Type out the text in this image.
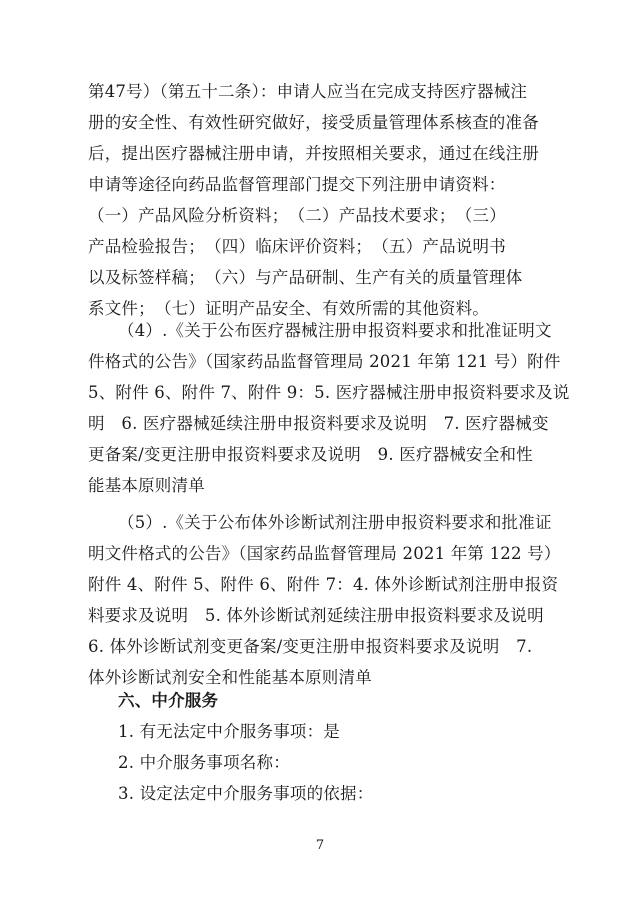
第47号）（第五十二条）：申请人应当在完成支持医疗器械注
册的安全性、有效性研究做好，接受质量管理体系核查的准备
后，提出医疗器械注册申请，并按照相关要求，通过在线注册
申请等途径向药品监督管理部门提交下列注册申请资料：
（一）产品风险分析资料；　（二）产品技术要求；　（三）
产品检验报告；　（四）临床评价资料；　（五）产品说明书
以及标签样稿；　（六）与产品研制、生产有关的质量管理体
系文件；　（七）证明产品安全、有效所需的其他资料。
（4）.《关于公布医疗器械注册申报资料要求和批准证明文
件格式的公告》（国家药品监督管理局 2021 年第 121 号）附件
5、附件 6、附件 7、附件 9：5. 医疗器械注册申报资料要求及说
明　6. 医疗器械延续注册申报资料要求及说明　7. 医疗器械变
更备案/变更注册申报资料要求及说明　9. 医疗器械安全和性
能基本原则清单
（5）.《关于公布体外诊断试剂注册申报资料要求和批准证
明文件格式的公告》（国家药品监督管理局 2021 年第 122 号）
附件 4、附件 5、附件 6、附件 7：4. 体外诊断试剂注册申报资
料要求及说明　5. 体外诊断试剂延续注册申报资料要求及说明
6. 体外诊断试剂变更备案/变更注册申报资料要求及说明　7.
体外诊断试剂安全和性能基本原则清单
六、中介服务
1. 有无法定中介服务事项：是
2. 中介服务事项名称：
3. 设定法定中介服务事项的依据：
7
